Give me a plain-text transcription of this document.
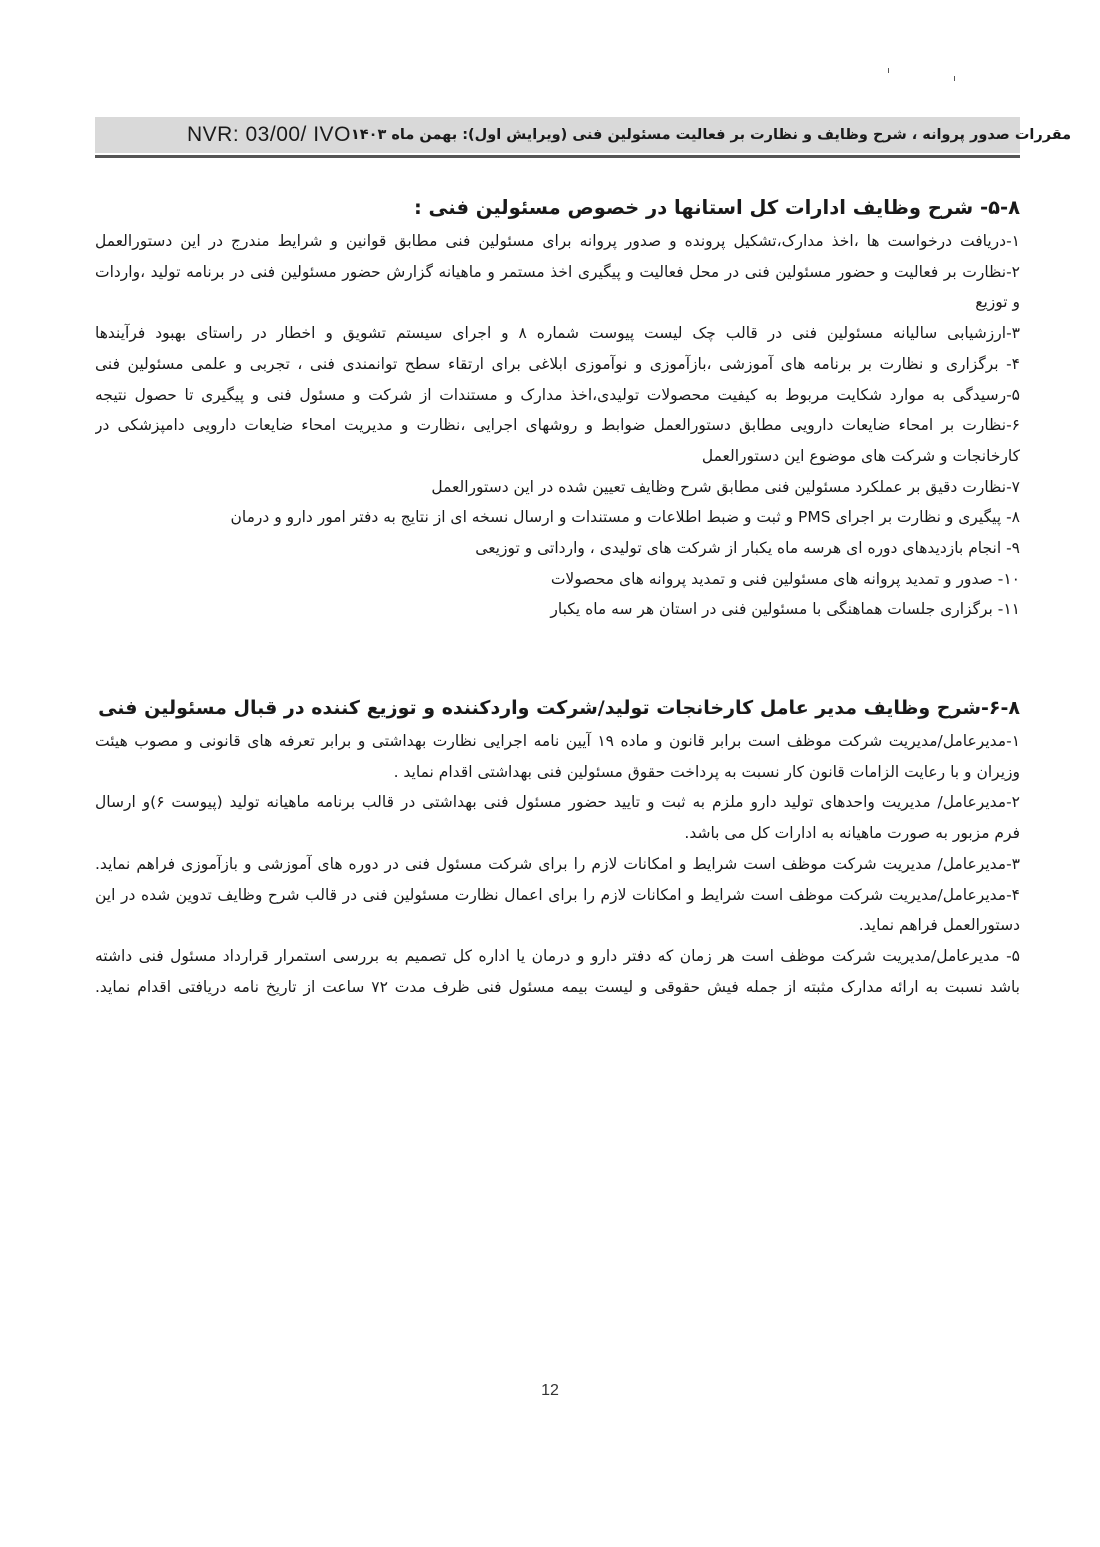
NVR: 03/00/ IVO مقررات صدور پروانه ، شرح وظایف و نظارت بر فعالیت مسئولین فنی (ویرایش اول): بهمن ماه ۱۴۰۳
۵-۸- شرح وظایف ادارات کل استانها در خصوص مسئولین فنی :
۱-دریافت درخواست ها ،اخذ مدارک،تشکیل پرونده و صدور پروانه برای مسئولین فنی مطابق قوانین و شرایط مندرج در این دستورالعمل
۲-نظارت بر فعالیت و حضور مسئولین فنی در محل فعالیت و پیگیری اخذ مستمر و ماهیانه گزارش حضور مسئولین فنی در برنامه تولید ،واردات
و توزیع
۳-ارزشیابی سالیانه مسئولین فنی در قالب چک لیست پیوست شماره ۸ و اجرای سیستم تشویق و اخطار در راستای بهبود فرآیندها
۴- برگزاری و نظارت بر برنامه های آموزشی ،بازآموزی و نوآموزی ابلاغی برای ارتقاء سطح توانمندی فنی ، تجربی و علمی مسئولین فنی
۵-رسیدگی به موارد شکایت مربوط به کیفیت محصولات تولیدی،اخذ مدارک و مستندات از شرکت و مسئول فنی و پیگیری تا حصول نتیجه
۶-نظارت بر امحاء ضایعات دارویی مطابق دستورالعمل ضوابط و روشهای اجرایی ،نظارت و مدیریت امحاء ضایعات دارویی دامپزشکی در
کارخانجات و شرکت های موضوع این دستورالعمل
۷-نظارت دقیق بر عملکرد مسئولین فنی مطابق شرح وظایف تعیین شده در این دستورالعمل
۸- پیگیری و نظارت بر اجرای PMS و ثبت و ضبط اطلاعات و مستندات و ارسال نسخه ای از نتایج به دفتر امور دارو و درمان
۹- انجام بازدیدهای دوره ای هرسه ماه یکبار از شرکت های تولیدی ، وارداتی و توزیعی
۱۰- صدور و تمدید پروانه های مسئولین فنی و تمدید پروانه های محصولات
۱۱- برگزاری جلسات هماهنگی با مسئولین فنی در استان هر سه ماه یکبار
۶-۸-شرح وظایف مدیر عامل کارخانجات تولید/شرکت واردکننده و توزیع کننده در قبال مسئولین فنی
۱-مدیرعامل/مدیریت شرکت موظف است برابر قانون و ماده ۱۹ آیین نامه اجرایی نظارت بهداشتی و برابر تعرفه های قانونی و مصوب هیئت
وزیران و با رعایت الزامات قانون کار نسبت به پرداخت حقوق مسئولین فنی بهداشتی اقدام نماید .
۲-مدیرعامل/ مدیریت واحدهای تولید دارو ملزم به ثبت و تایید حضور مسئول فنی بهداشتی در قالب برنامه ماهیانه تولید (پیوست ۶)و ارسال
فرم مزبور به صورت ماهیانه به ادارات کل می باشد.
۳-مدیرعامل/ مدیریت شرکت موظف است شرایط و امکانات لازم را برای شرکت مسئول فنی در دوره های آموزشی و بازآموزی فراهم نماید.
۴-مدیرعامل/مدیریت شرکت موظف است شرایط و امکانات لازم را برای اعمال نظارت مسئولین فنی در قالب شرح وظایف تدوین شده در این
دستورالعمل فراهم نماید.
۵- مدیرعامل/مدیریت شرکت موظف است هر زمان که دفتر دارو و درمان یا اداره کل تصمیم به بررسی استمرار قرارداد مسئول فنی داشته
باشد نسبت به ارائه مدارک مثبته از جمله فیش حقوقی و لیست بیمه مسئول فنی ظرف مدت ۷۲ ساعت از تاریخ نامه دریافتی اقدام نماید.
12
